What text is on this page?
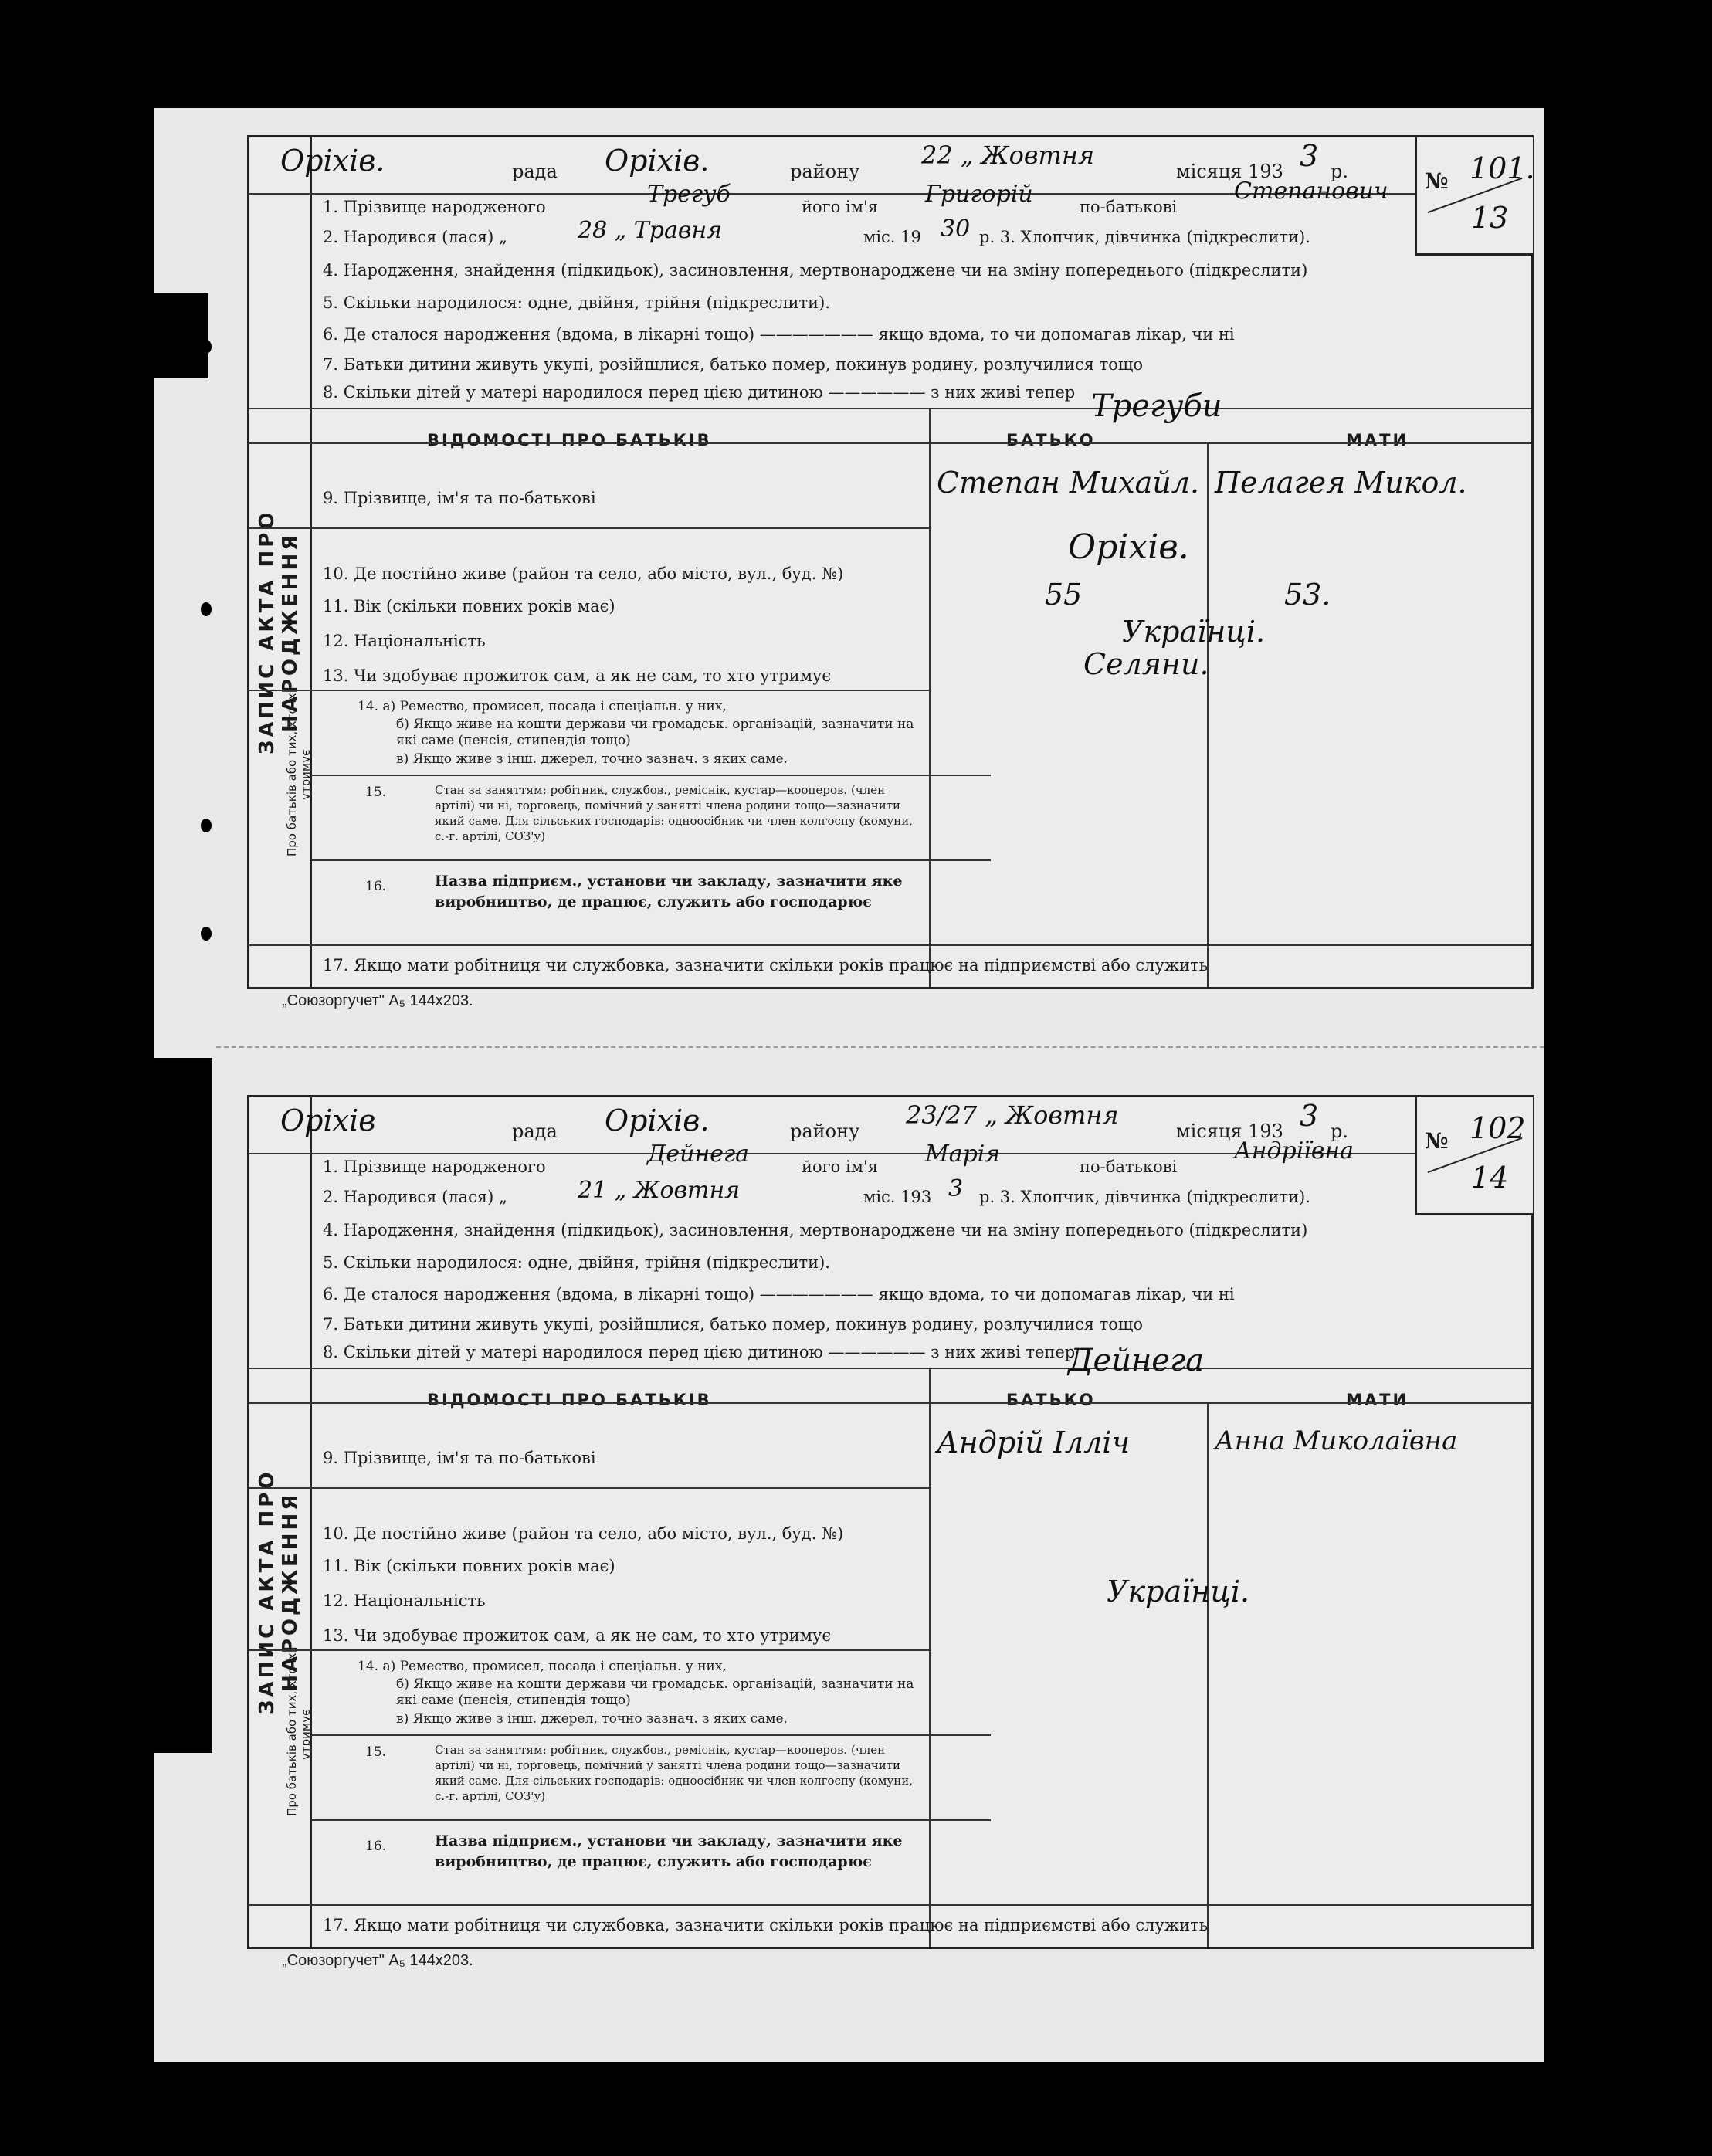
ЗАПИС АКТА ПРО НАРОДЖЕННЯ
Про батьків або тих, хто їх утримує
Оріхів.	рада Оріхів.	району
22 „ Жовтня
місяця 193 3 р.	№ 101.
13
1. Прізвище народженого	Трегуб	його ім'я Григорій	по-батькові
Степанович
2. Народився (лася) „	28 „ Травня	міс. 19 30 р. 3. Хлопчик, дівчинка (підкреслити).
4. Народження, знайдення (підкидьок), засиновлення, мертвонароджене чи на зміну попереднього (підкреслити)
5. Скільки народилося: одне, двійня, трійня (підкреслити).
6. Де сталося народження (вдома, в лікарні тощо) ——————— якщо вдома, то чи допомагав лікар, чи ні
7. Батьки дитини живуть укупі, розійшлися, батько помер, покинув родину, розлучилися тощо
8. Скільки дітей у матері народилося перед цією дитиною —————— з них живі тепер
ВІДОМОСТІ ПРО БАТЬКІВ	БАТЬКО	МАТИ
Трегуби
9. Прізвище, ім'я та по-батькові	Степан Михайл. Пелагея Микол.
10. Де постійно живе (район та село, або місто, вул., буд. №)
Оріхів.
11. Вік (скільки повних років має)	55	53.
12. Національність	Українці.
13. Чи здобуває прожиток сам, а як не сам, то хто утримує	Селяни.
14. а) Ремество, промисел, посада і спеціальн. у них,
б) Якщо живе на кошти держави чи громадськ. організацій, зазначити на які саме (пенсія, стипендія тощо)
в) Якщо живе з інш. джерел, точно зазнач. з яких саме.
15.	Стан за заняттям: робітник, службов., реміснік, кустар—кооперов. (член артілі) чи ні, торговець, помічний у занятті члена родини тощо—зазначити який саме. Для сільських господарів: одноосібник чи член колгоспу (комуни, с.-г. артілі, СОЗ'у)
16.	Назва підприєм., установи чи закладу, зазначити яке виробництво, де працює, служить або господарює
17. Якщо мати робітниця чи службовка, зазначити скільки років працює на підприємстві або служить
„Союзоргучет" А₅ 144х203.
ЗАПИС АКТА ПРО НАРОДЖЕННЯ
Про батьків або тих, хто їх утримує
Оріхів	рада Оріхів.	району
23/27 „ Жовтня
місяця 193 3 р.	№ 102
14
1. Прізвище народженого	Дейнега	його ім'я Марія	по-батькові
Андріївна
2. Народився (лася) „	21 „ Жовтня	міс. 193 3 р. 3. Хлопчик, дівчинка (підкреслити).
4. Народження, знайдення (підкидьок), засиновлення, мертвонароджене чи на зміну попереднього (підкреслити)
5. Скільки народилося: одне, двійня, трійня (підкреслити).
6. Де сталося народження (вдома, в лікарні тощо) ——————— якщо вдома, то чи допомагав лікар, чи ні
7. Батьки дитини живуть укупі, розійшлися, батько помер, покинув родину, розлучилися тощо
8. Скільки дітей у матері народилося перед цією дитиною —————— з них живі тепер
ВІДОМОСТІ ПРО БАТЬКІВ	БАТЬКО	МАТИ
Дейнега
9. Прізвище, ім'я та по-батькові	Андрій Ілліч	Анна Миколаївна
10. Де постійно живе (район та село, або місто, вул., буд. №)
11. Вік (скільки повних років має)
12. Національність	Українці.
13. Чи здобуває прожиток сам, а як не сам, то хто утримує
14. а) Ремество, промисел, посада і спеціальн. у них,
б) Якщо живе на кошти держави чи громадськ. організацій, зазначити на які саме (пенсія, стипендія тощо)
в) Якщо живе з інш. джерел, точно зазнач. з яких саме.
15.	Стан за заняттям: робітник, службов., реміснік, кустар—кооперов. (член артілі) чи ні, торговець, помічний у занятті члена родини тощо—зазначити який саме. Для сільських господарів: одноосібник чи член колгоспу (комуни, с.-г. артілі, СОЗ'у)
16.	Назва підприєм., установи чи закладу, зазначити яке виробництво, де працює, служить або господарює
17. Якщо мати робітниця чи службовка, зазначити скільки років працює на підприємстві або служить
„Союзоргучет" А₅ 144х203.
